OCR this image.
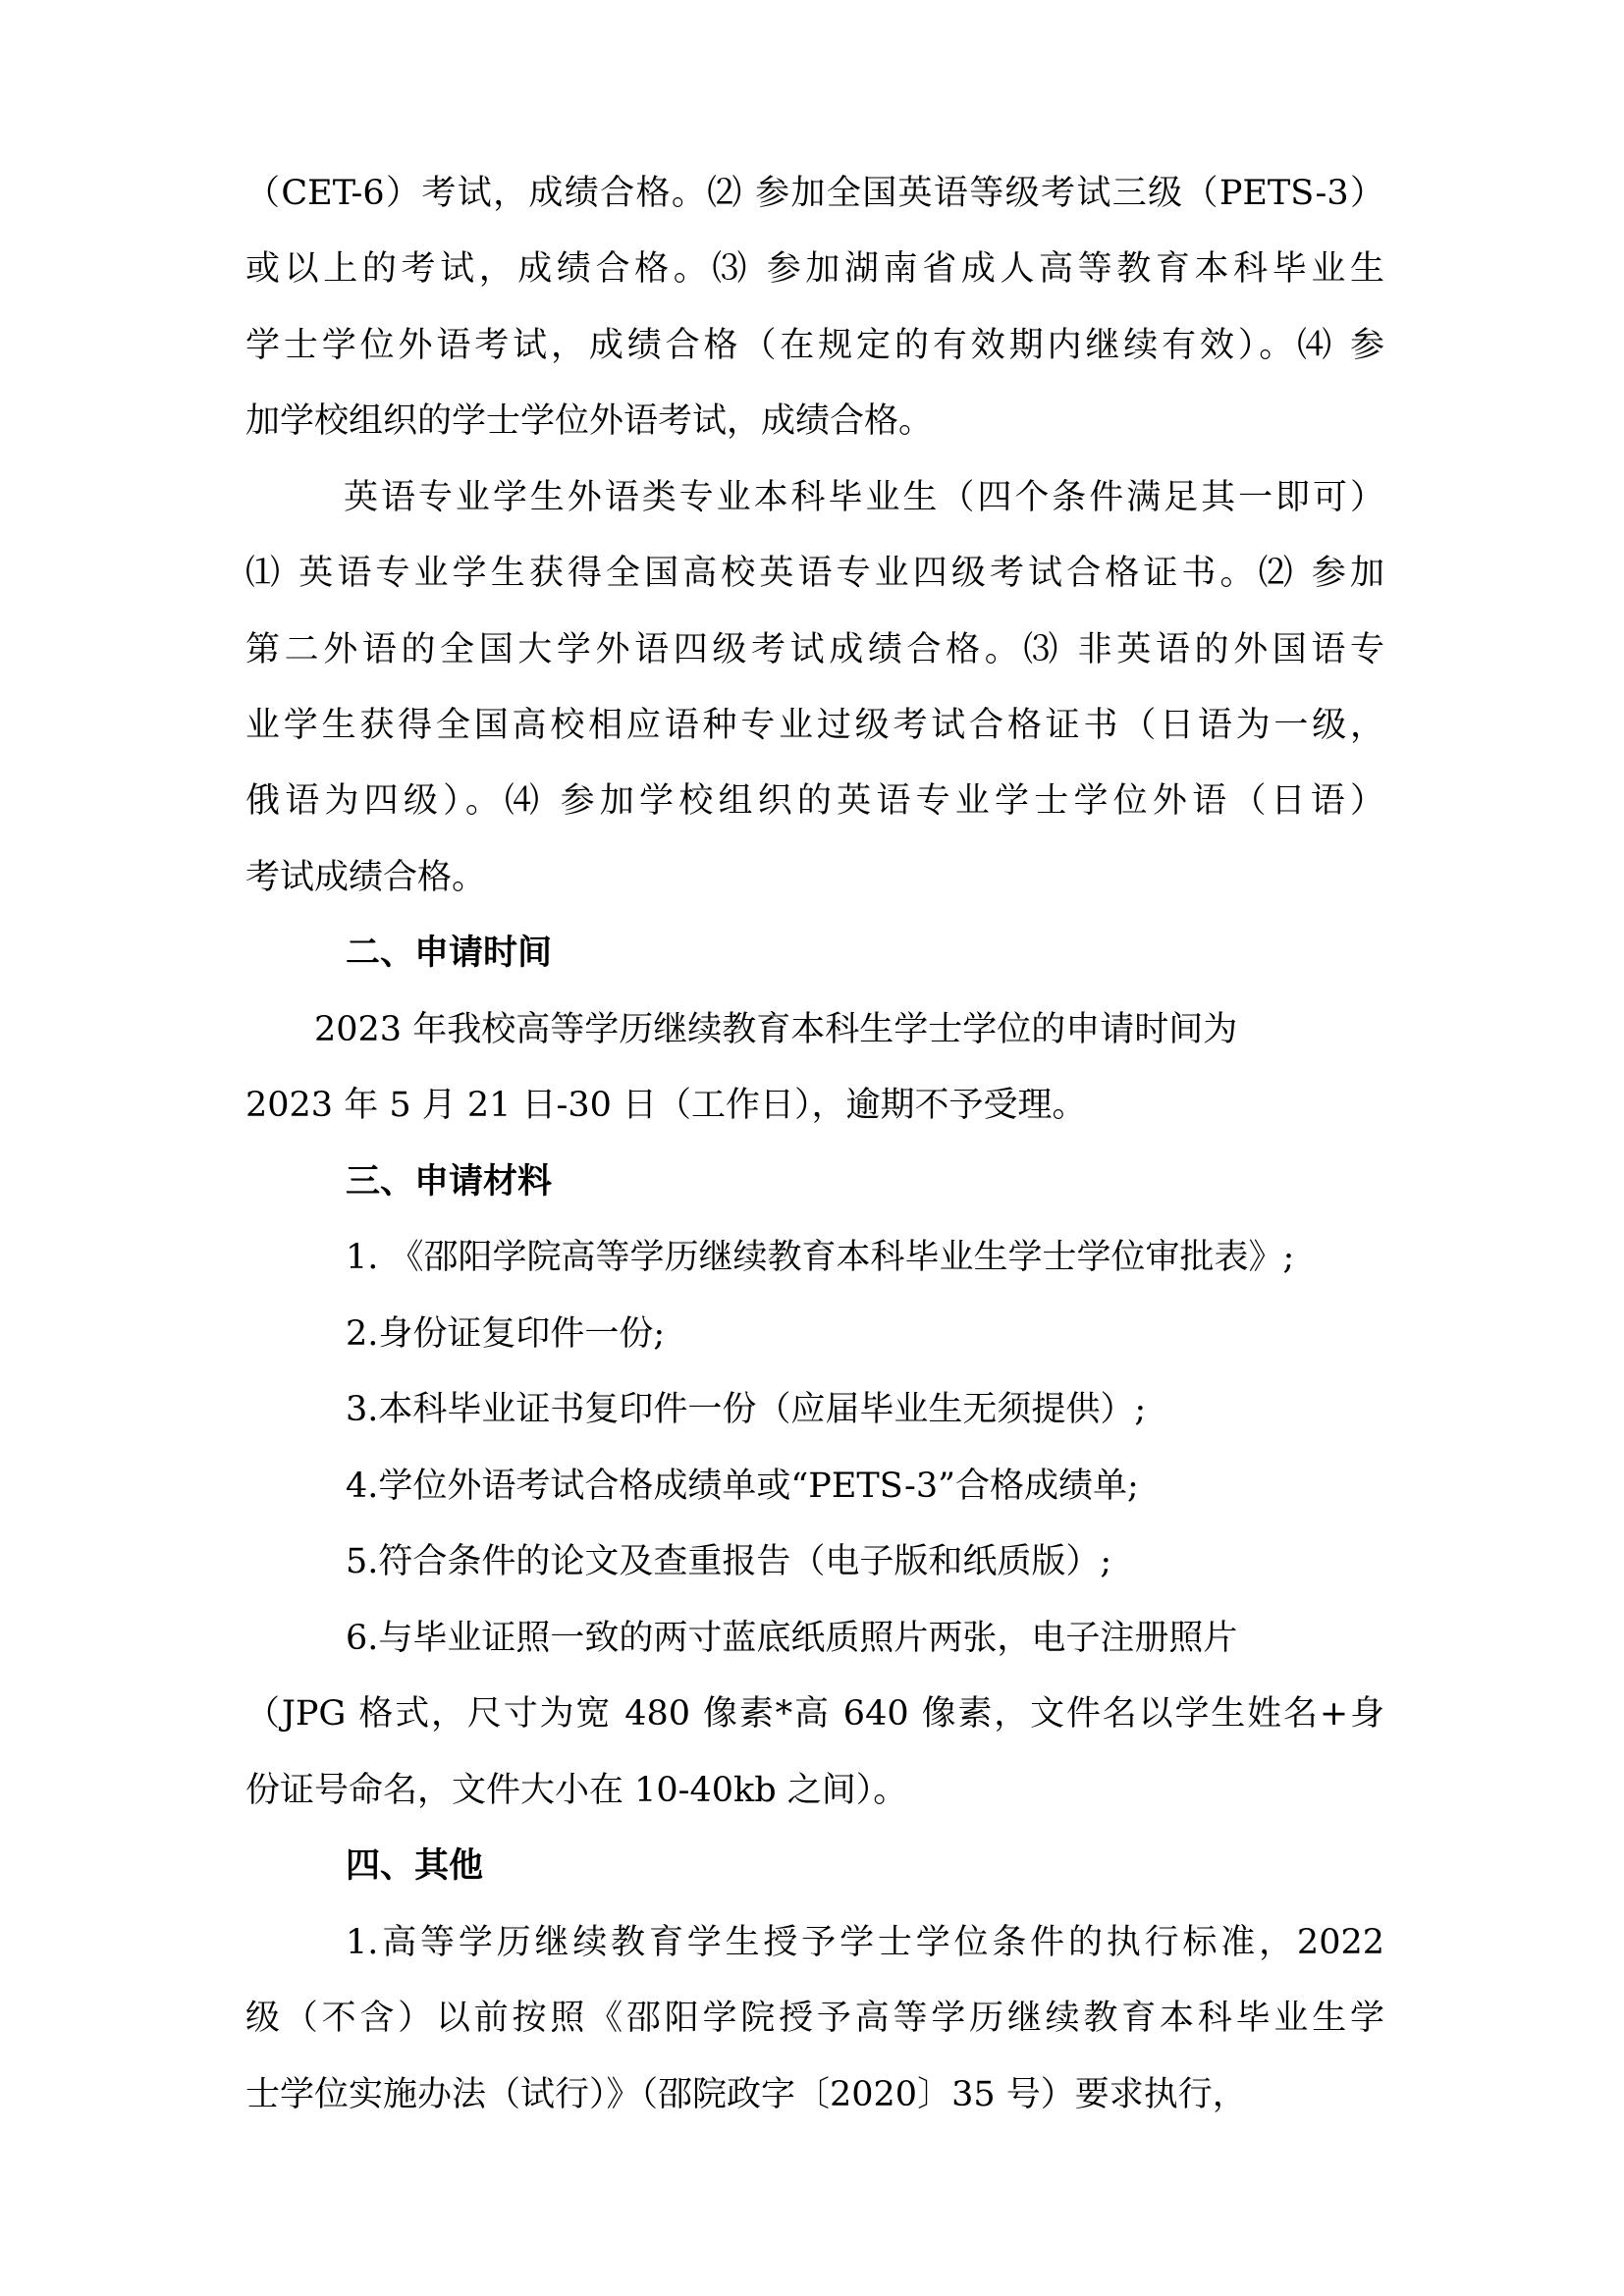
（CET-6）考试，成绩合格。⑵ 参加全国英语等级考试三级（PETS-3）
或以上的考试，成绩合格。⑶ 参加湖南省成人高等教育本科毕业生
学士学位外语考试，成绩合格（在规定的有效期内继续有效）。⑷ 参
加学校组织的学士学位外语考试，成绩合格。
英语专业学生外语类专业本科毕业生（四个条件满足其一即可）
⑴ 英语专业学生获得全国高校英语专业四级考试合格证书。⑵ 参加
第二外语的全国大学外语四级考试成绩合格。⑶ 非英语的外国语专
业学生获得全国高校相应语种专业过级考试合格证书（日语为一级，
俄语为四级）。⑷ 参加学校组织的英语专业学士学位外语（日语）
考试成绩合格。
二、申请时间
2023 年我校高等学历继续教育本科生学士学位的申请时间为
2023 年 5 月 21 日-30 日（工作日），逾期不予受理。
三、申请材料
1. 《邵阳学院高等学历继续教育本科毕业生学士学位审批表》;
2.身份证复印件一份;
3.本科毕业证书复印件一份（应届毕业生无须提供）;
4.学位外语考试合格成绩单或“PETS-3”合格成绩单;
5.符合条件的论文及查重报告（电子版和纸质版）;
6.与毕业证照一致的两寸蓝底纸质照片两张，电子注册照片
（JPG 格式，尺寸为宽 480 像素*高 640 像素，文件名以学生姓名+身
份证号命名，文件大小在 10-40kb 之间）。
四、其他
1.高等学历继续教育学生授予学士学位条件的执行标准，2022
级（不含）以前按照《邵阳学院授予高等学历继续教育本科毕业生学
士学位实施办法（试行）》（邵院政字〔2020〕35 号）要求执行，
